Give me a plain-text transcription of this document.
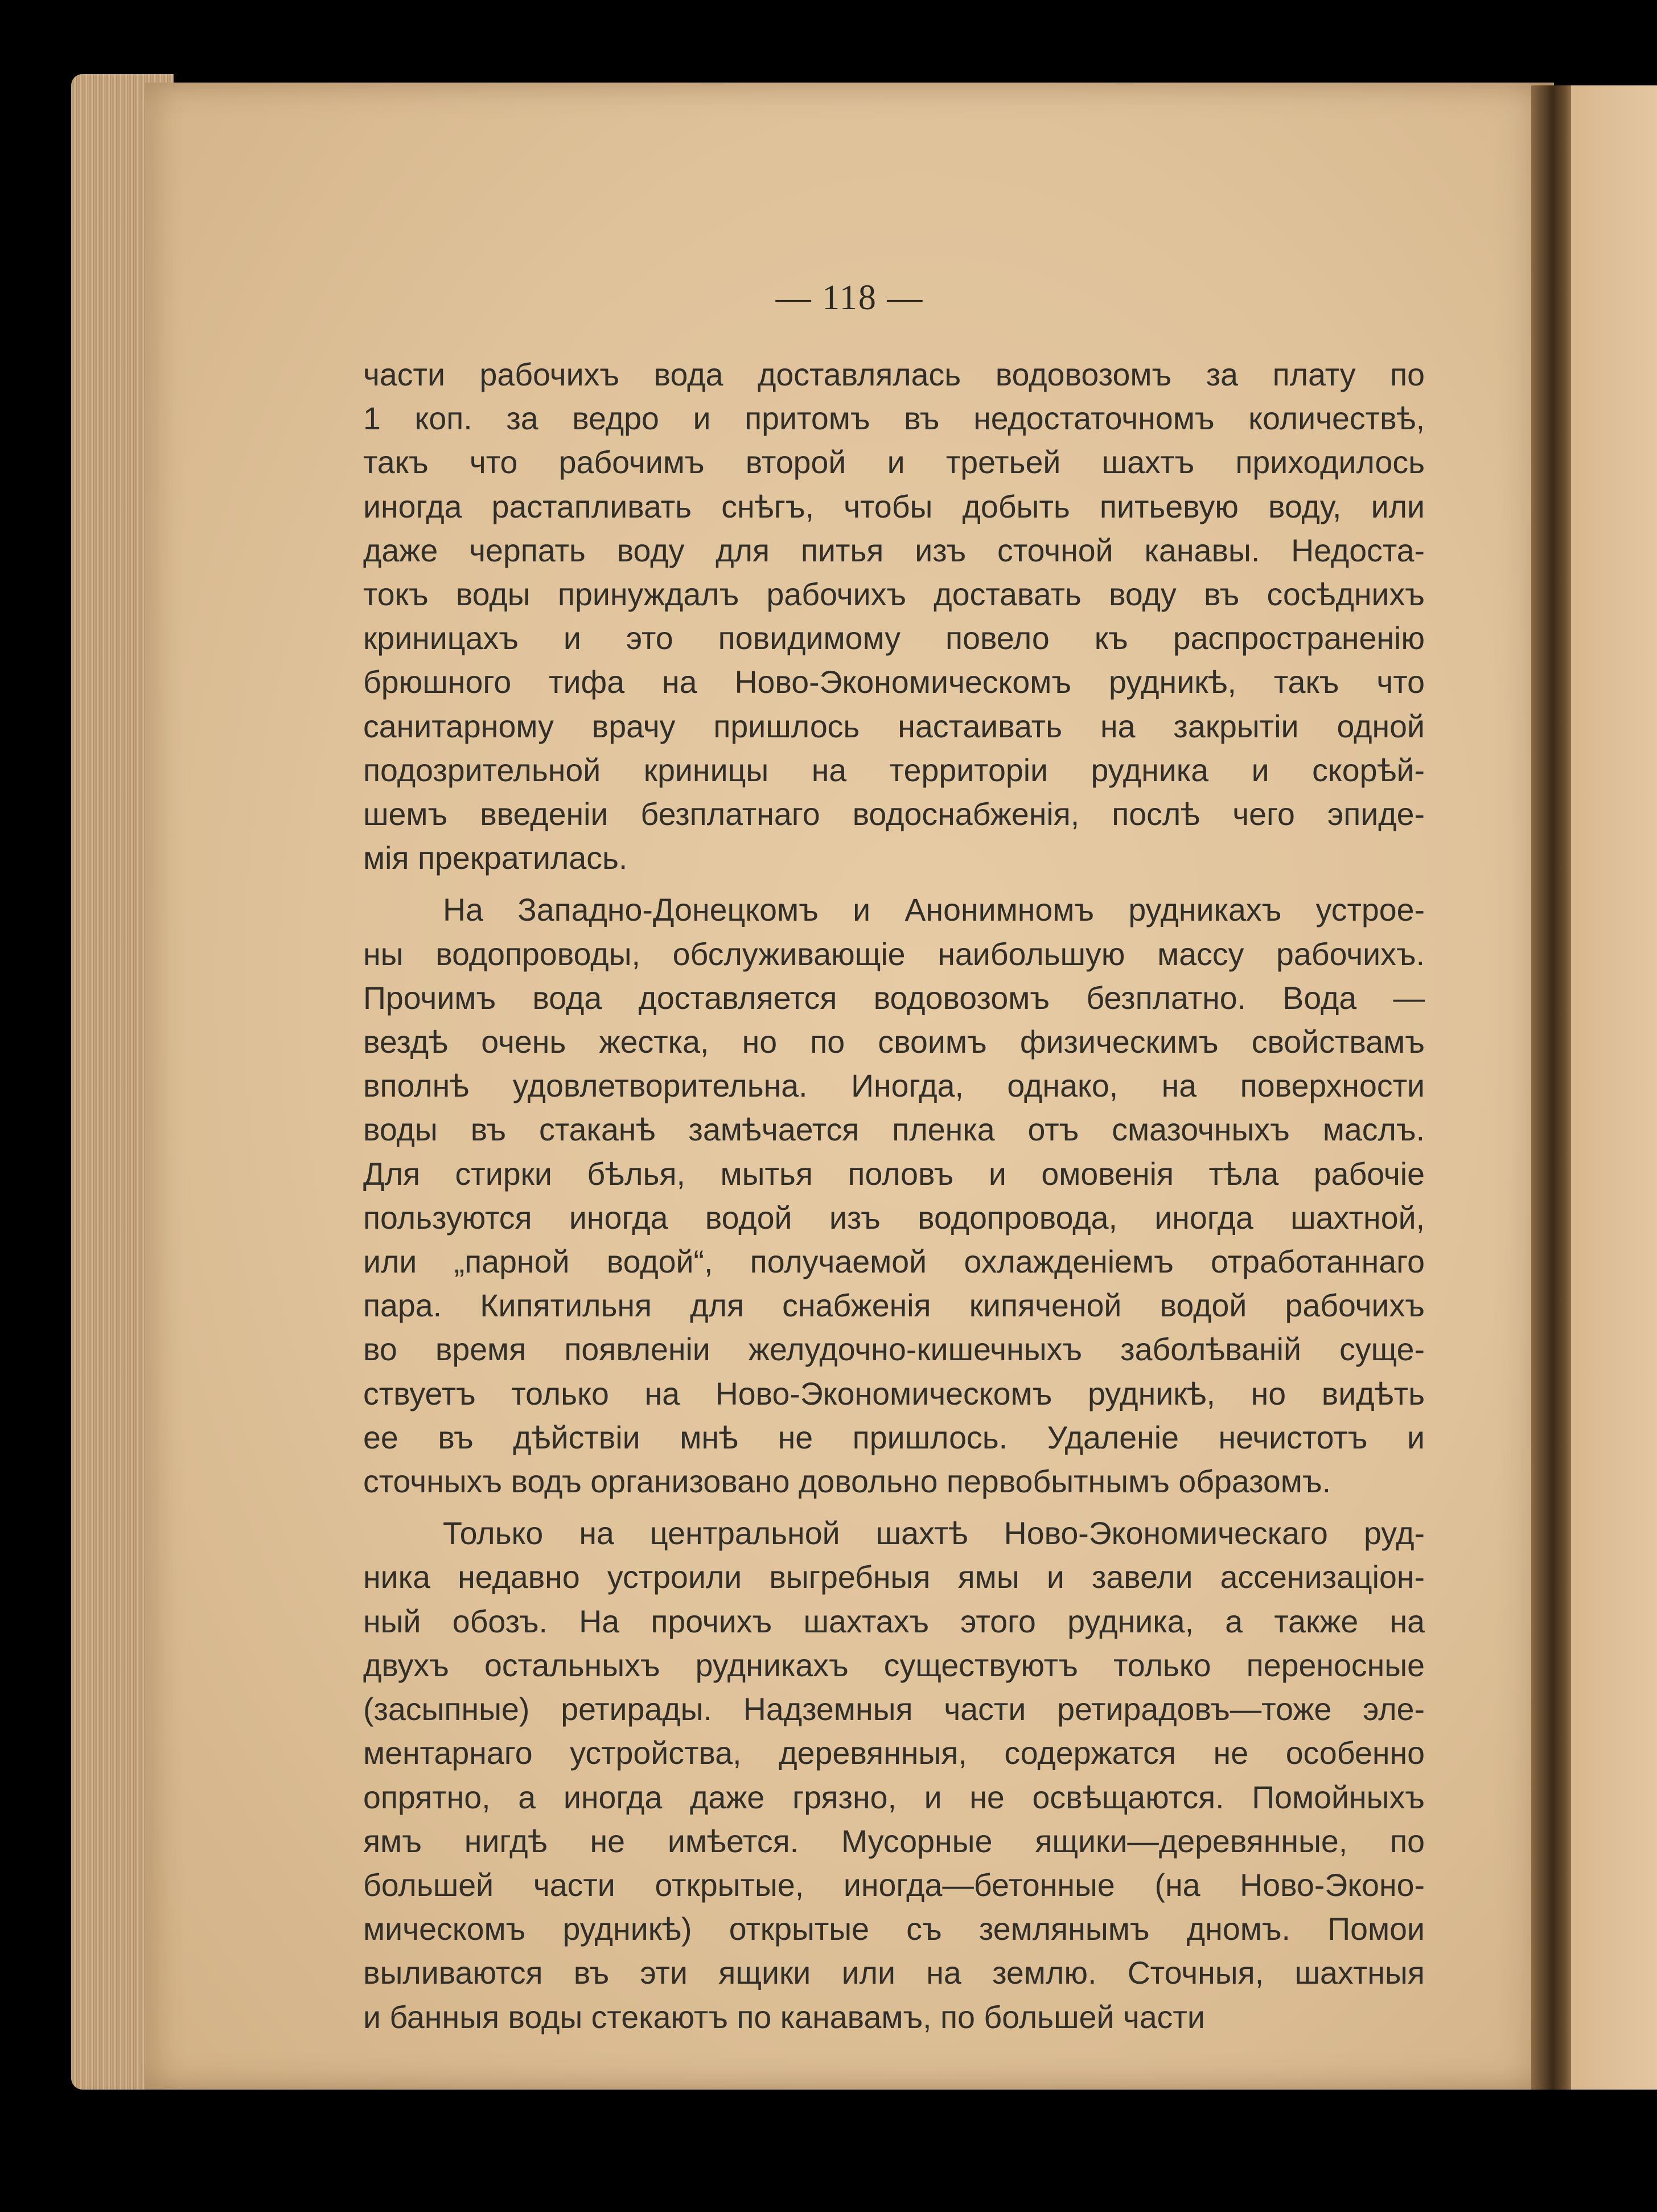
— 118 —
части рабочихъ вода доставлялась водовозомъ за плату по
1 коп. за ведро и притомъ въ недостаточномъ количествѣ,
такъ что рабочимъ второй и третьей шахтъ приходилось
иногда растапливать снѣгъ, чтобы добыть питьевую воду, или
даже черпать воду для питья изъ сточной канавы. Недоста-
токъ воды принуждалъ рабочихъ доставать воду въ сосѣднихъ
криницахъ и это повидимому повело къ распространенiю
брюшного тифа на Ново-Экономическомъ рудникѣ, такъ что
санитарному врачу пришлось настаивать на закрытiи одной
подозрительной криницы на территорiи рудника и скорѣй-
шемъ введенiи безплатнаго водоснабженiя, послѣ чего эпиде-
мiя прекратилась.
На Западно-Донецкомъ и Анонимномъ рудникахъ устрое-
ны водопроводы, обслуживающiе наибольшую массу рабочихъ.
Прочимъ вода доставляется водовозомъ безплатно. Вода —
вездѣ очень жестка, но по своимъ физическимъ свойствамъ
вполнѣ удовлетворительна. Иногда, однако, на поверхности
воды въ стаканѣ замѣчается пленка отъ смазочныхъ маслъ.
Для стирки бѣлья, мытья половъ и омовенiя тѣла рабочiе
пользуются иногда водой изъ водопровода, иногда шахтной,
или „парной водой“, получаемой охлажденiемъ отработаннаго
пара. Кипятильня для снабженiя кипяченой водой рабочихъ
во время появленiи желудочно-кишечныхъ заболѣванiй суще-
ствуетъ только на Ново-Экономическомъ рудникѣ, но видѣть
ее въ дѣйствiи мнѣ не пришлось. Удаленiе нечистотъ и
сточныхъ водъ организовано довольно первобытнымъ образомъ.
Только на центральной шахтѣ Ново-Экономическаго руд-
ника недавно устроили выгребныя ямы и завели ассенизацiон-
ный обозъ. На прочихъ шахтахъ этого рудника, а также на
двухъ остальныхъ рудникахъ существуютъ только переносные
(засыпные) ретирады. Надземныя части ретирадовъ—тоже эле-
ментарнаго устройства, деревянныя, содержатся не особенно
опрятно, а иногда даже грязно, и не освѣщаются. Помойныхъ
ямъ нигдѣ не имѣется. Мусорные ящики—деревянные, по
большей части открытые, иногда—бетонные (на Ново-Эконо-
мическомъ рудникѣ) открытые съ землянымъ дномъ. Помои
выливаются въ эти ящики или на землю. Сточныя, шахтныя
и банныя воды стекаютъ по канавамъ, по большей части
